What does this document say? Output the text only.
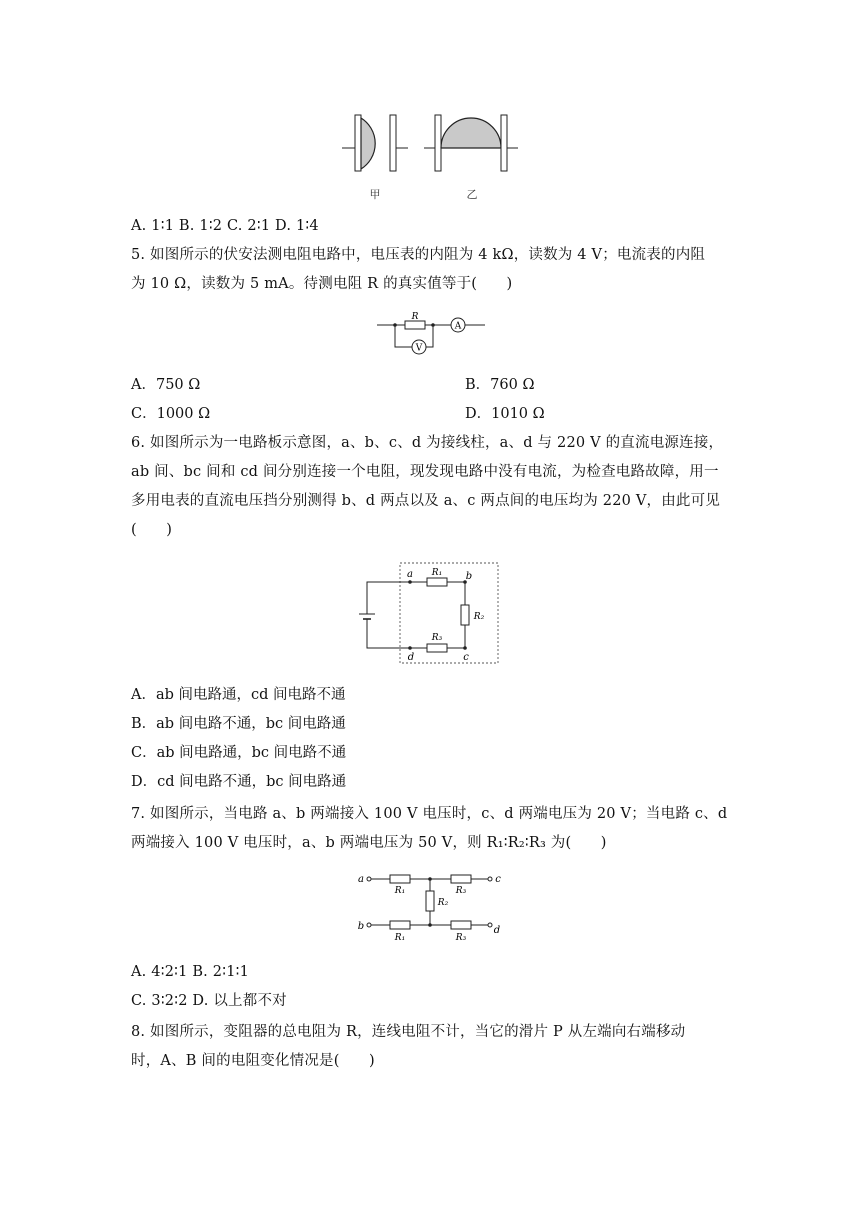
甲	乙
A. 1∶1 B. 1∶2 C. 2∶1 D. 1∶4
5. 如图所示的伏安法测电阻电路中，电压表的内阻为 4 kΩ，读数为 4 V；电流表的内阻
为 10 Ω，读数为 5 mA。待测电阻 R 的真实值等于(　　)
R
A
V
A．750 Ω	B．760 Ω
C．1000 Ω	D．1010 Ω
6. 如图所示为一电路板示意图，a、b、c、d 为接线柱，a、d 与 220 V 的直流电源连接，
ab 间、bc 间和 cd 间分别连接一个电阻，现发现电路中没有电流，为检查电路故障，用一
多用电表的直流电压挡分别测得 b、d 两点以及 a、c 两点间的电压均为 220 V，由此可见
(　　)
a	b
c
d
R₁
R₂
R₃
A．ab 间电路通，cd 间电路不通
B．ab 间电路不通，bc 间电路通
C．ab 间电路通，bc 间电路不通
D．cd 间电路不通，bc 间电路通
7. 如图所示，当电路 a、b 两端接入 100 V 电压时，c、d 两端电压为 20 V；当电路 c、d
两端接入 100 V 电压时，a、b 两端电压为 50 V，则 R₁∶R₂∶R₃ 为(　　)
a	c
b	d
R₁	R₃
R₂
R₁	R₃
A. 4∶2∶1 B. 2∶1∶1
C. 3∶2∶2 D. 以上都不对
8. 如图所示，变阻器的总电阻为 R，连线电阻不计，当它的滑片 P 从左端向右端移动
时，A、B 间的电阻变化情况是(　　)
